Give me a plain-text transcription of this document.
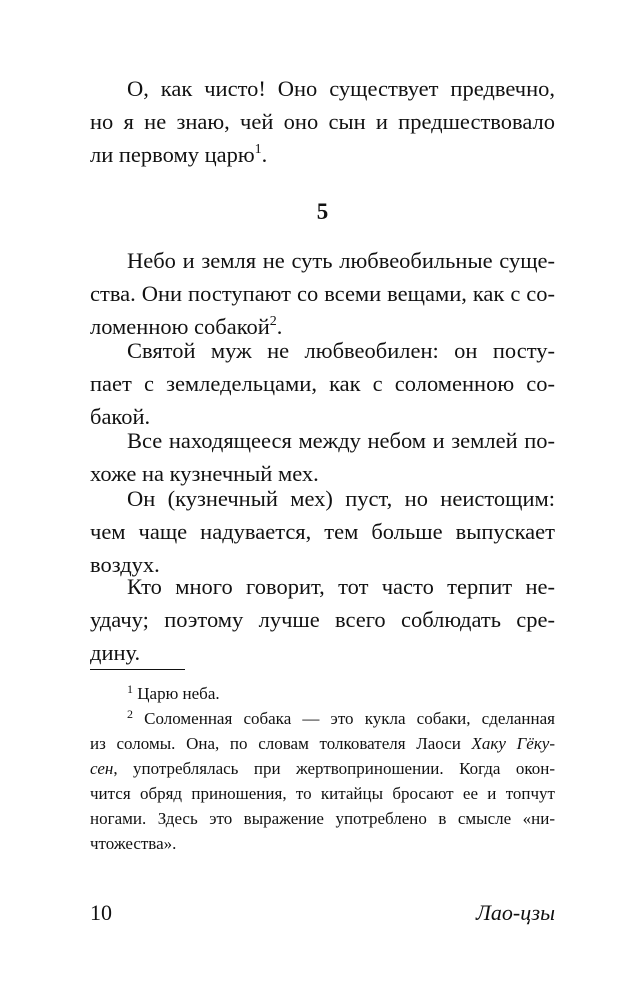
О, как чисто! Оно существует предвечно,
но я не знаю, чей оно сын и предшествовало
ли первому царю$^1$.
5
Небо и земля не суть любвеобильные суще-
ства. Они поступают со всеми вещами, как с со-
ломенною собакой$^2$.
Святой муж не любвеобилен: он посту-
пает с земледельцами, как с соломенною со-
бакой.
Все находящееся между небом и землей по-
хоже на кузнечный мех.
Он (кузнечный мех) пуст, но неистощим:
чем чаще надувается, тем больше выпускает
воздух.
Кто много говорит, тот часто терпит не-
удачу; поэтому лучше всего соблюдать сре-
дину.
$^1$ Царю неба.
$^2$ Соломенная собака — это кукла собаки, сделанная
из соломы. Она, по словам толкователя Лаоси Хаку Гёку-
сен, употреблялась при жертвоприношении. Когда окон-
чится обряд приношения, то китайцы бросают ее и топчут
ногами. Здесь это выражение употреблено в смысле «ни-
чтожества».
10	Лао-цзы
